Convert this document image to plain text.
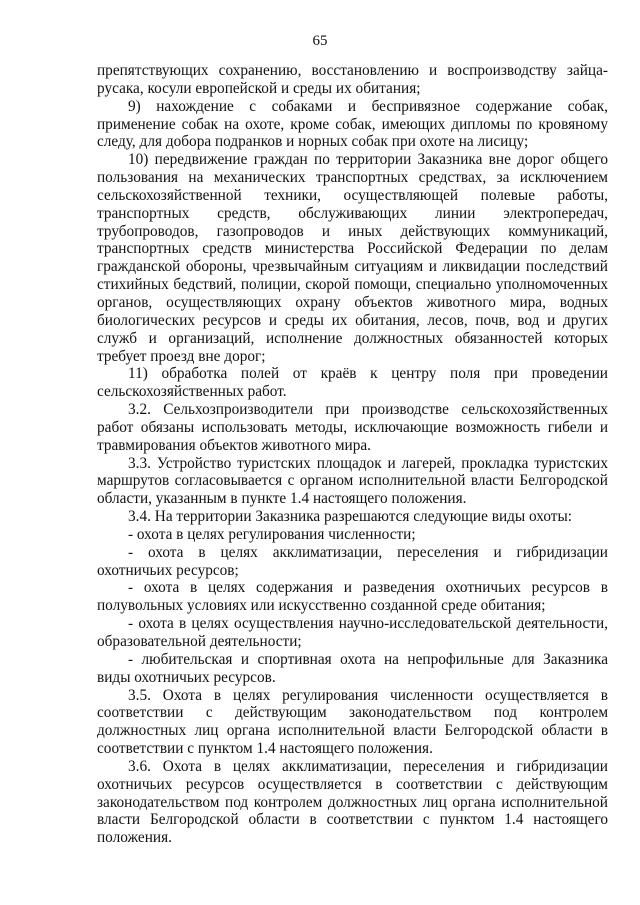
65

препятствующих сохранению, восстановлению и воспроизводству зайца-русака, косули европейской и среды их обитания;

9) нахождение с собаками и беспривязное содержание собак, применение собак на охоте, кроме собак, имеющих дипломы по кровяному следу, для добора подранков и норных собак при охоте на лисицу;

10) передвижение граждан по территории Заказника вне дорог общего пользования на механических транспортных средствах, за исключением сельскохозяйственной техники, осуществляющей полевые работы, транспортных средств, обслуживающих линии электропередач, трубопроводов, газопроводов и иных действующих коммуникаций, транспортных средств министерства Российской Федерации по делам гражданской обороны, чрезвычайным ситуациям и ликвидации последствий стихийных бедствий, полиции, скорой помощи, специально уполномоченных органов, осуществляющих охрану объектов животного мира, водных биологических ресурсов и среды их обитания, лесов, почв, вод и других служб и организаций, исполнение должностных обязанностей которых требует проезд вне дорог;

11) обработка полей от краёв к центру поля при проведении сельскохозяйственных работ.

3.2. Сельхозпроизводители при производстве сельскохозяйственных работ обязаны использовать методы, исключающие возможность гибели и травмирования объектов животного мира.

3.3. Устройство туристских площадок и лагерей, прокладка туристских маршрутов согласовывается с органом исполнительной власти Белгородской области, указанным в пункте 1.4 настоящего положения.

3.4. На территории Заказника разрешаются следующие виды охоты:

- охота в целях регулирования численности;

- охота в целях акклиматизации, переселения и гибридизации охотничьих ресурсов;

- охота в целях содержания и разведения охотничьих ресурсов в полувольных условиях или искусственно созданной среде обитания;

- охота в целях осуществления научно-исследовательской деятельности, образовательной деятельности;

- любительская и спортивная охота на непрофильные для Заказника виды охотничьих ресурсов.

3.5. Охота в целях регулирования численности осуществляется в соответствии с действующим законодательством под контролем должностных лиц органа исполнительной власти Белгородской области в соответствии с пунктом 1.4 настоящего положения.

3.6. Охота в целях акклиматизации, переселения и гибридизации охотничьих ресурсов осуществляется в соответствии с действующим законодательством под контролем должностных лиц органа исполнительной власти Белгородской области в соответствии с пунктом 1.4 настоящего положения.
